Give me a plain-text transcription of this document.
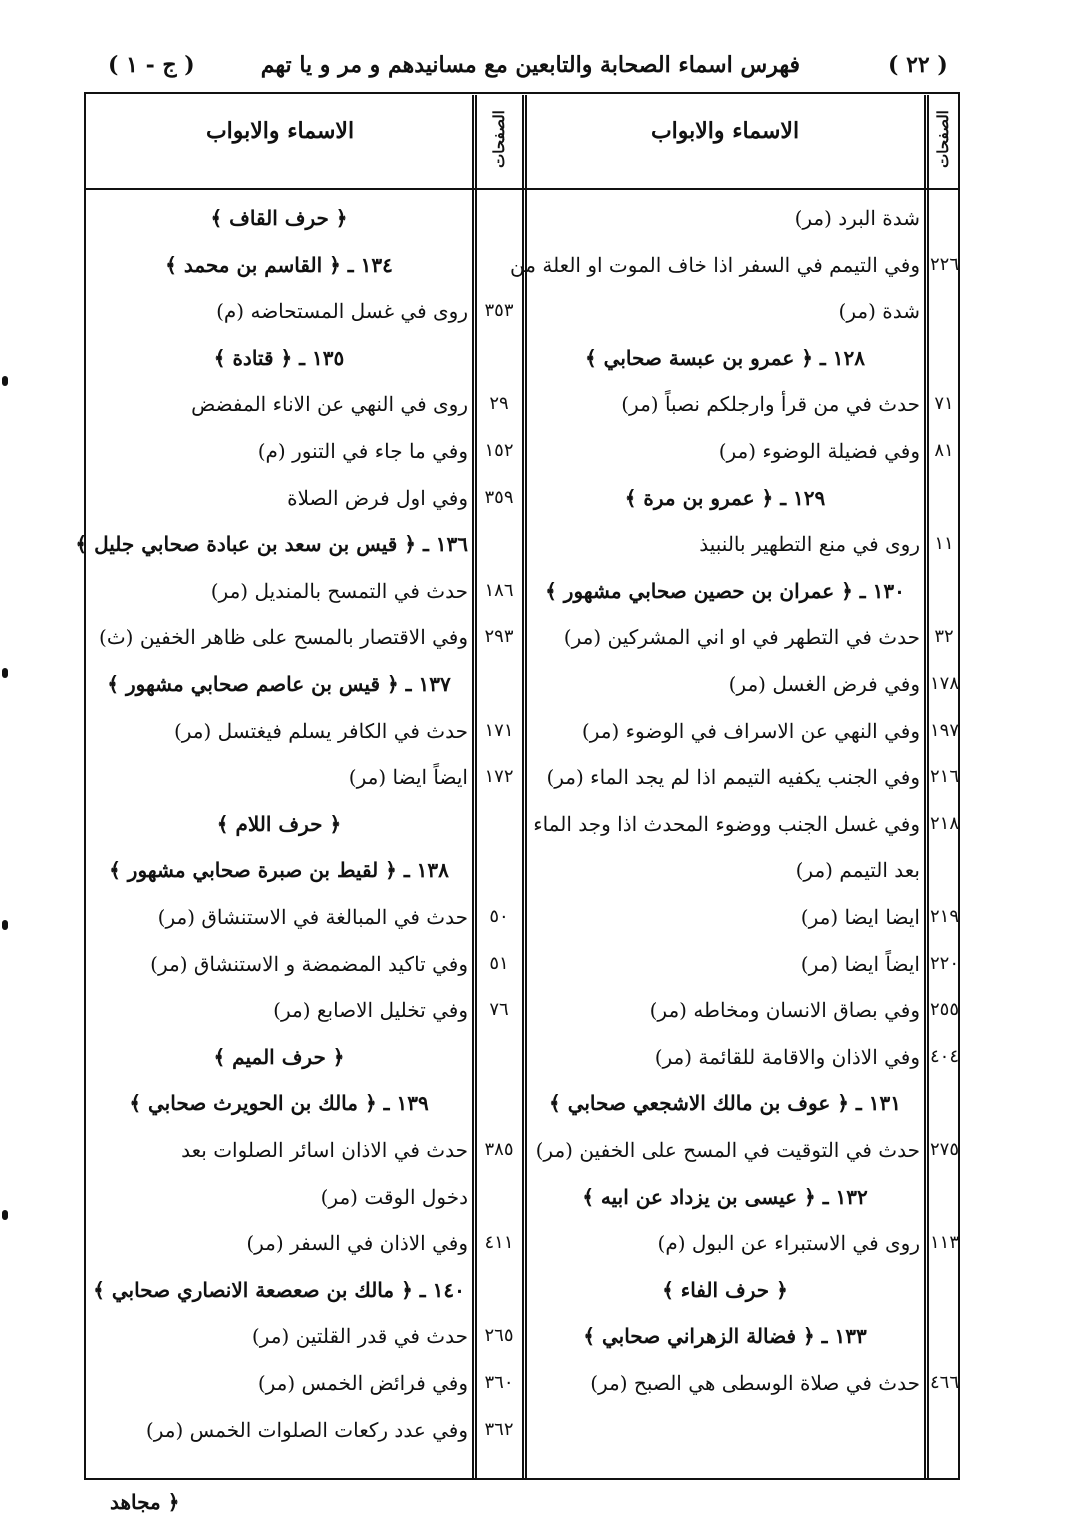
( ٢٢ )
فهرس اسماء الصحابة والتابعين مع مسانيدهم و مر و يا تهم
( ج - ١ )
الصفحات
الاسماء والابواب
الصفحات
الاسماء والابواب
شدة البرد (مر)
وفي التيمم في السفر اذا خاف الموت او العلة من ٢٢٦
شدة (مر)
١٢٨ ـ ﴿ عمرو بن عبسة صحابي ﴾
حدث في من قرأ وارجلكم نصباً (مر) ٧١
وفي فضيلة الوضوء (مر) ٨١
١٢٩ ـ ﴿ عمرو بن مرة ﴾
روى في منع التطهير بالنبيذ ١١
١٣٠ ـ ﴿ عمران بن حصين صحابي مشهور ﴾
حدث في التطهر في او اني المشركين (مر) ٣٢
وفي فرض الغسل (مر) ١٧٨
وفي النهي عن الاسراف في الوضوء (مر) ١٩٧
وفي الجنب يكفيه التيمم اذا لم يجد الماء (مر) ٢١٦
وفي غسل الجنب ووضوء المحدث اذا وجد الماء ٢١٨
بعد التيمم (مر)
ايضا ايضا (مر) ٢١٩
ايضاً ايضا (مر) ٢٢٠
وفي بصاق الانسان ومخاطه (مر) ٢٥٥
وفي الاذان والاقامة للقائمة (مر) ٤٠٤
١٣١ ـ ﴿ عوف بن مالك الاشجعي صحابي ﴾
حدث في التوقيت في المسح على الخفين (مر) ٢٧٥
١٣٢ ـ ﴿ عيسى بن يزداد عن ابيه ﴾
روى في الاستبراء عن البول (م) ١١٣
﴿ حرف الفاء ﴾
١٣٣ ـ ﴿ فضالة الزهراني صحابي ﴾
حدث في صلاة الوسطى هي الصبح (مر) ٤٦٦
﴿ حرف القاف ﴾
١٣٤ ـ ﴿ القاسم بن محمد ﴾
روى في غسل المستحاضه (م) ٣٥٣
١٣٥ ـ ﴿ قتادة ﴾
روى في النهي عن الاناء المفضض	٢٩
وفي ما جاء في التنور (م) ١٥٢
وفي اول فرض الصلاة ٣٥٩
١٣٦ ـ ﴿ قيس بن سعد بن عبادة صحابي جليل ﴾
حدث في التمسح بالمنديل (مر) ١٨٦
وفي الاقتصار بالمسح على ظاهر الخفين (ث) ٢٩٣
١٣٧ ـ ﴿ قيس بن عاصم صحابي مشهور ﴾
حدث في الكافر يسلم فيغتسل (مر) ١٧١
ايضاً ايضا (مر) ١٧٢
﴿ حرف اللام ﴾
١٣٨ ـ ﴿ لقيط بن صبرة صحابي مشهور ﴾
حدث في المبالغة في الاستنشاق (مر)	٥٠
وفي تاكيد المضمضة و الاستنشاق (مر)	٥١
وفي تخليل الاصابع (مر)	٧٦
﴿ حرف الميم ﴾
١٣٩ ـ ﴿ مالك بن الحويرث صحابي ﴾
حدث في الاذان اسائر الصلوات بعد ٣٨٥
دخول الوقت (مر)
وفي الاذان في السفر (مر) ٤١١
١٤٠ ـ ﴿ مالك بن صعصعة الانصاري صحابي ﴾
حدث في قدر القلتين (مر) ٢٦٥
وفي فرائض الخمس (مر) ٣٦٠
وفي عدد ركعات الصلوات الخمس (مر) ٣٦٢
﴿ مجاهد
